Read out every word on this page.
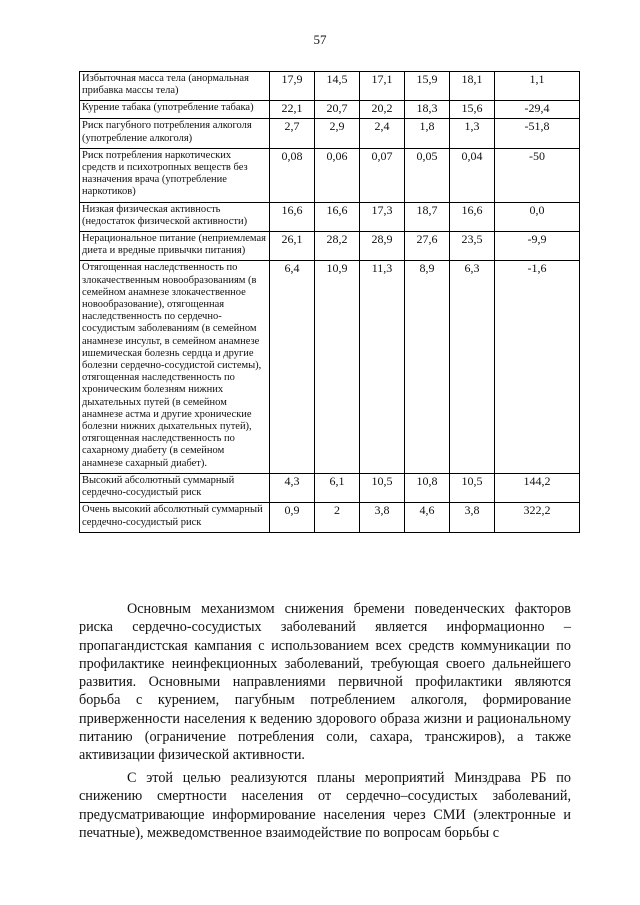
57
Избыточная масса тела (анормальная прибавка массы тела)	17,9	14,5	17,1	15,9	18,1	1,1
Курение табака (употребление табака)	22,1	20,7	20,2	18,3	15,6	-29,4
Риск пагубного потребления алкоголя (употребление алкоголя)	2,7	2,9	2,4	1,8	1,3	-51,8
Риск потребления наркотических средств и психотропных веществ без назначения врача (употребление наркотиков)	0,08	0,06	0,07	0,05	0,04	-50
Низкая физическая активность (недостаток физической активности)	16,6	16,6	17,3	18,7	16,6	0,0
Нерациональное питание (неприемлемая диета и вредные привычки питания)	26,1	28,2	28,9	27,6	23,5	-9,9
Отягощенная наследственность по злокачественным новообразованиям (в семейном анамнезе злокачественное новообразование), отягощенная наследственность по сердечно-сосудистым заболеваниям (в семейном анамнезе инсульт, в семейном анамнезе ишемическая болезнь сердца и другие болезни сердечно-сосудистой системы), отягощенная наследственность по хроническим болезням нижних дыхательных путей (в семейном анамнезе астма и другие хронические болезни нижних дыхательных путей), отягощенная наследственность по сахарному диабету (в семейном анамнезе сахарный диабет).	6,4	10,9	11,3	8,9	6,3	-1,6
Высокий абсолютный суммарный сердечно-сосудистый риск	4,3	6,1	10,5	10,8	10,5	144,2
Очень высокий абсолютный суммарный сердечно-сосудистый риск	0,9	2	3,8	4,6	3,8	322,2

Основным механизмом снижения бремени поведенческих факторов риска сердечно-сосудистых заболеваний является информационно – пропагандистская кампания с использованием всех средств коммуникации по профилактике неинфекционных заболеваний, требующая своего дальнейшего развития. Основными направлениями первичной профилактики являются борьба с курением, пагубным потреблением алкоголя, формирование приверженности населения к ведению здорового образа жизни и рациональному питанию (ограничение потребления соли, сахара, трансжиров), а также активизации физической активности.

С этой целью реализуются планы мероприятий Минздрава РБ по снижению смертности населения от сердечно–сосудистых заболеваний, предусматривающие информирование населения через СМИ (электронные и печатные), межведомственное взаимодействие по вопросам борьбы с
